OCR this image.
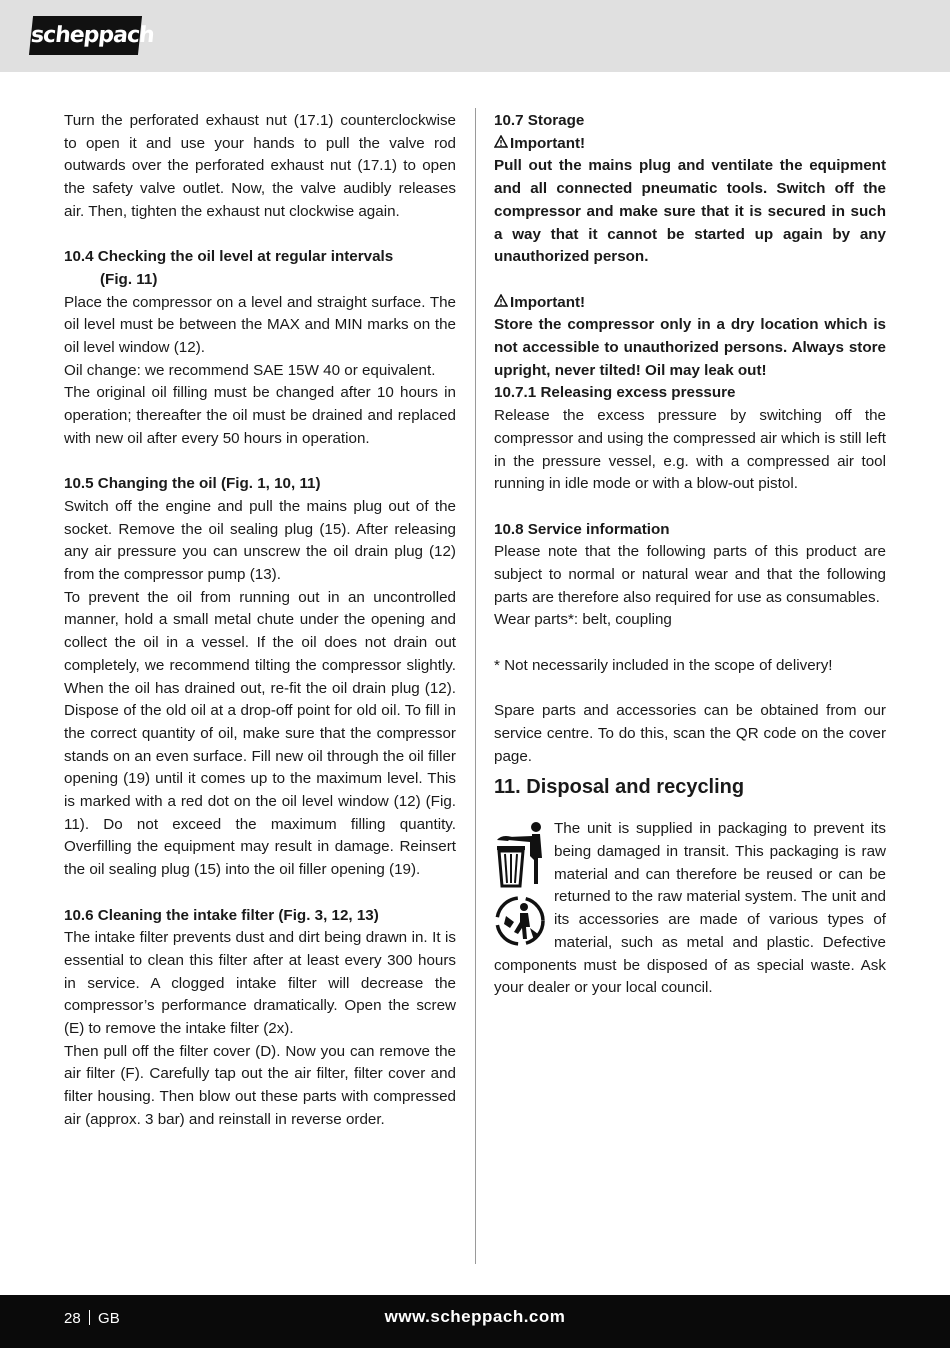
scheppach
Turn the perforated exhaust nut (17.1) counterclockwise to open it and use your hands to pull the valve rod outwards over the perforated exhaust nut (17.1) to open the safety valve outlet. Now, the valve audibly releases air. Then, tighten the exhaust nut clockwise again.
10.4 Checking the oil level at regular intervals
(Fig. 11)
Place the compressor on a level and straight surface. The oil level must be between the MAX and MIN marks on the oil level window (12).
Oil change: we recommend SAE 15W 40 or equivalent.
The original oil filling must be changed after 10 hours in operation; thereafter the oil must be drained and replaced with new oil after every 50 hours in operation.
10.5 Changing the oil (Fig. 1, 10, 11)
Switch off the engine and pull the mains plug out of the socket. Remove the oil sealing plug (15). After releasing any air pressure you can unscrew the oil drain plug (12) from the compressor pump (13).
To prevent the oil from running out in an uncontrolled manner, hold a small metal chute under the opening and collect the oil in a vessel. If the oil does not drain out completely, we recommend tilting the compressor slightly. When the oil has drained out, re-fit the oil drain plug (12). Dispose of the old oil at a drop-off point for old oil. To fill in the correct quantity of oil, make sure that the compressor stands on an even surface. Fill new oil through the oil filler opening (19) until it comes up to the maximum level. This is marked with a red dot on the oil level window (12) (Fig. 11). Do not exceed the maximum filling quantity. Overfilling the equipment may result in damage. Reinsert the oil sealing plug (15) into the oil filler opening (19).
10.6 Cleaning the intake filter (Fig. 3, 12, 13)
The intake filter prevents dust and dirt being drawn in. It is essential to clean this filter after at least every 300 hours in service. A clogged intake filter will decrease the compressor’s performance dramatically. Open the screw (E) to remove the intake filter (2x).
Then pull off the filter cover (D). Now you can remove the air filter (F). Carefully tap out the air filter, filter cover and filter housing. Then blow out these parts with compressed air (approx. 3 bar) and reinstall in reverse order.
10.7 Storage
Important!
Pull out the mains plug and ventilate the equipment and all connected pneumatic tools. Switch off the compressor and make sure that it is secured in such a way that it cannot be started up again by any unauthorized person.
Important!
Store the compressor only in a dry location which is not accessible to unauthorized persons. Always store upright, never tilted! Oil may leak out!
10.7.1 Releasing excess pressure
Release the excess pressure by switching off the compressor and using the compressed air which is still left in the pressure vessel, e.g. with a compressed air tool running in idle mode or with a blow-out pistol.
10.8 Service information
Please note that the following parts of this product are subject to normal or natural wear and that the following parts are therefore also required for use as consumables.
Wear parts*: belt, coupling
* Not necessarily included in the scope of delivery!
Spare parts and accessories can be obtained from our service centre. To do this, scan the QR code on the cover page.
11. Disposal and recycling
The unit is supplied in packaging to prevent its being damaged in transit. This packaging is raw material and can therefore be reused or can be returned to the raw material system. The unit and its accessories are made of various types of material, such as metal and plastic. Defective components must be disposed of as special waste. Ask your dealer or your local council.
28 GB	www.scheppach.com
